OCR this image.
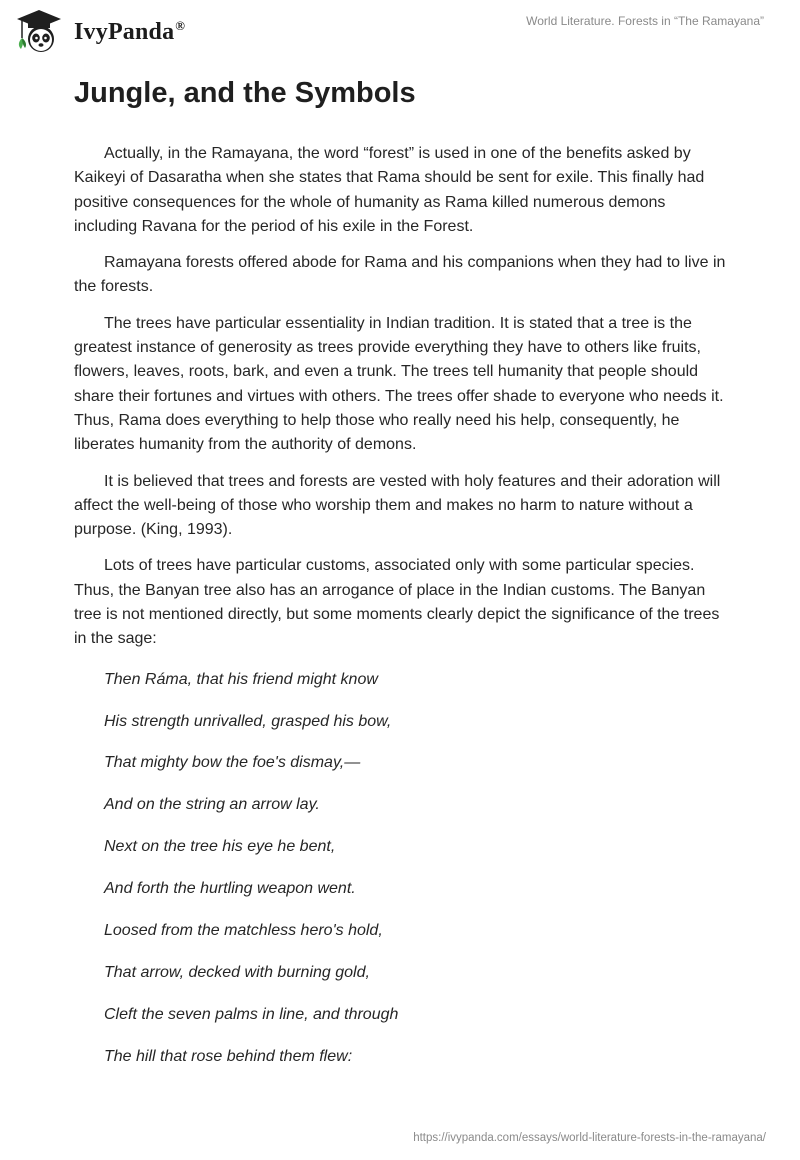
IvyPanda®	World Literature. Forests in “The Ramayana”
Jungle, and the Symbols

Actually, in the Ramayana, the word “forest” is used in one of the benefits asked by Kaikeyi of Dasaratha when she states that Rama should be sent for exile. This finally had positive consequences for the whole of humanity as Rama killed numerous demons including Ravana for the period of his exile in the Forest.

Ramayana forests offered abode for Rama and his companions when they had to live in the forests.

The trees have particular essentiality in Indian tradition. It is stated that a tree is the greatest instance of generosity as trees provide everything they have to others like fruits, flowers, leaves, roots, bark, and even a trunk. The trees tell humanity that people should share their fortunes and virtues with others. The trees offer shade to everyone who needs it. Thus, Rama does everything to help those who really need his help, consequently, he liberates humanity from the authority of demons.

It is believed that trees and forests are vested with holy features and their adoration will affect the well-being of those who worship them and makes no harm to nature without a purpose. (King, 1993).

Lots of trees have particular customs, associated only with some particular species. Thus, the Banyan tree also has an arrogance of place in the Indian customs. The Banyan tree is not mentioned directly, but some moments clearly depict the significance of the trees in the sage:

Then Ráma, that his friend might know

His strength unrivalled, grasped his bow,

That mighty bow the foe's dismay,—

And on the string an arrow lay.

Next on the tree his eye he bent,

And forth the hurtling weapon went.

Loosed from the matchless hero's hold,

That arrow, decked with burning gold,

Cleft the seven palms in line, and through

The hill that rose behind them flew:

https://ivypanda.com/essays/world-literature-forests-in-the-ramayana/
